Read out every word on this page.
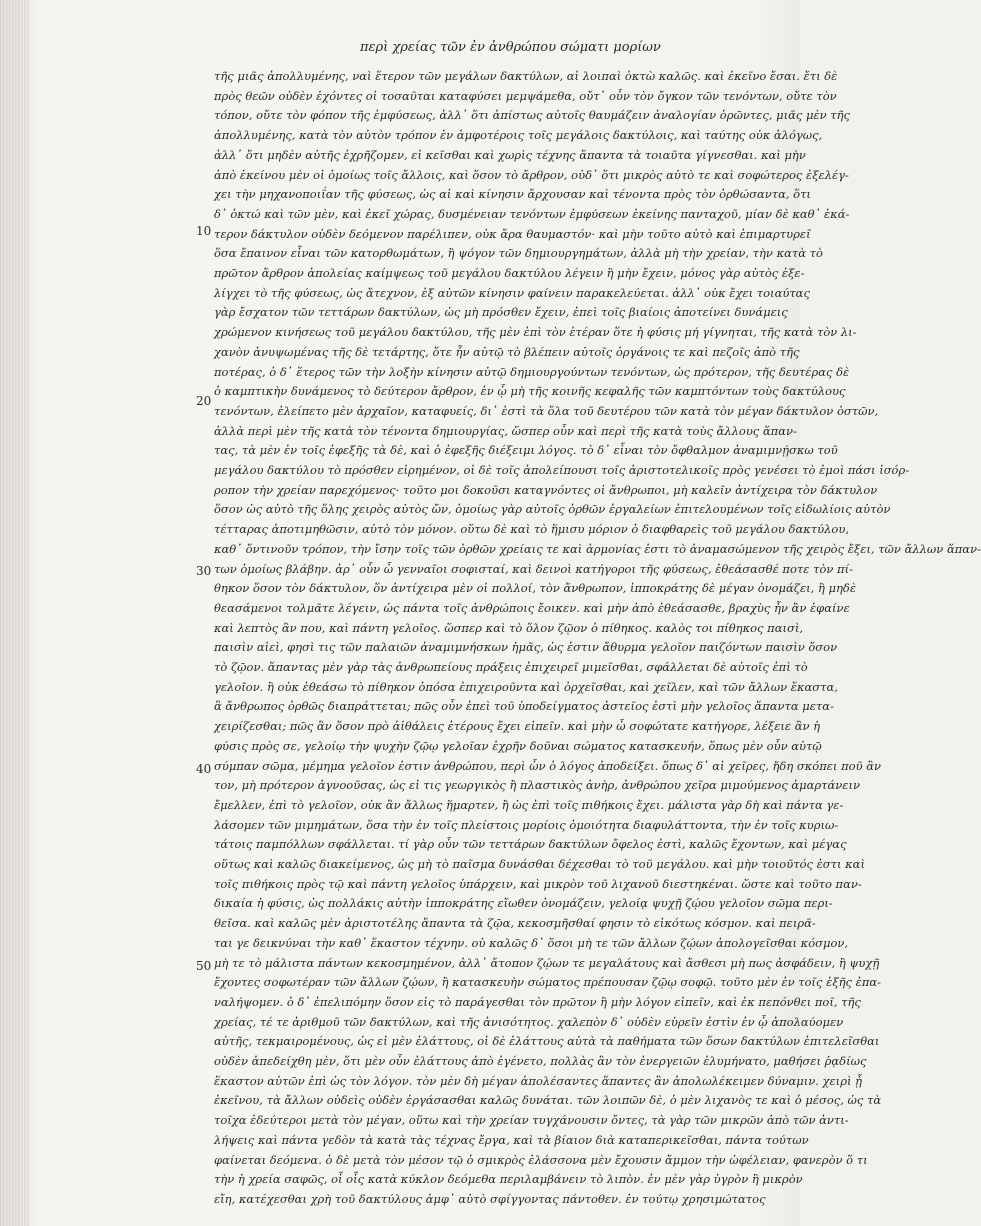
περὶ χρείας τῶν ἐν ἀνθρώπου σώματι μορίων
10
20
30
40
50
τῆς μιᾶς ἀπολλυμένης, ναὶ ἕτερον τῶν μεγάλων δακτύλων, αἱ λοιπαὶ ὀκτὼ καλῶς. καὶ ἐκεῖνο ἔσαι. ἔτι δὲ
πρὸς θεῶν οὐδὲν ἐχόντες οἱ τοσαῦται καταφύσει μεμψάμεθα, οὔτ᾿ οὖν τὸν ὄγκον τῶν τενόντων, οὔτε τὸν
τόπον, οὔτε τὸν φόπον τῆς ἐμφύσεως, ἀλλ᾿ ὅτι ἀπίστως αὐτοῖς θαυμάζειν ἀναλογίαν ὁρῶντες, μιᾶς μὲν τῆς
ἀπολλυμένης, κατὰ τὸν αὐτὸν τρόπον ἐν ἀμφοτέροις τοῖς μεγάλοις δακτύλοις, καὶ ταύτης οὐκ ἀλόγως,
ἀλλ᾿ ὅτι μηδὲν αὐτῆς ἐχρῆζομεν, εἰ κεῖσθαι καὶ χωρὶς τέχνης ἅπαντα τὰ τοιαῦτα γίγνεσθαι. καὶ μὴν
ἀπὸ ἐκείνου μὲν οἱ ὁμοίως τοῖς ἄλλοις, καὶ ὅσον τὸ ἄρθρον, οὐδ᾿ ὅτι μικρὸς αὐτὸ τε καὶ σοφώτερος ἐξελέγ-
χει τὴν μηχανοποιΐαν τῆς φύσεως, ὡς αἰ καὶ κίνησιν ἄρχουσαν καὶ τένοντα πρὸς τὸν ὀρθώσαντα, ὅτι
δ᾿ ὀκτώ καὶ τῶν μὲν, καὶ ἐκεῖ χώρας, δυσμένειαν τενόντων ἐμφύσεων ἐκείνης πανταχοῦ, μίαν δὲ καθ᾿ ἑκά-
τερον δάκτυλον οὐδὲν δεόμενον παρέλιπεν, οὐκ ἄρα θαυμαστόν· καὶ μὴν τοῦτο αὐτὸ καὶ ἐπιμαρτυρεῖ
ὅσα ἔπαινον εἶναι τῶν κατορθωμάτων, ἢ ψόγον τῶν δημιουργημάτων, ἀλλὰ μὴ τὴν χρείαν, τὴν κατὰ τὸ
πρῶτον ἄρθρον ἀπολείας καίμψεως τοῦ μεγάλου δακτύλου λέγειν ἢ μὴν ἔχειν, μόνος γὰρ αὐτὸς ἐξε-
λίγχει τὸ τῆς φύσεως, ὡς ἄτεχνον, ἐξ αὐτῶν κίνησιν φαίνειν παρακελεύεται. ἀλλ᾿ οὐκ ἔχει τοιαύτας
γὰρ ἔσχατον τῶν τεττάρων δακτύλων, ὡς μὴ πρόσθεν ἔχειν, ἐπεὶ τοῖς βιαίοις ἀποτείνει δυνάμεις
χρώμενον κινήσεως τοῦ μεγάλου δακτύλου, τῆς μὲν ἐπὶ τὸν ἑτέραν ὅτε ἡ φύσις μή γίγνηται, τῆς κατὰ τὸν λι-
χανὸν ἀνυψωμένας τῆς δὲ τετάρτης, ὅτε ἦν αὐτῷ τὸ βλέπειν αὐτοῖς ὀργάνοις τε καὶ πεζοῖς ἀπὸ τῆς
ποτέρας, ὁ δ᾿ ἕτερος τῶν τὴν λοξὴν κίνησιν αὐτῷ δημιουργούντων τενόντων, ὡς πρότερον, τῆς δευτέρας δὲ
ὁ καμπτικὴν δυνάμενος τὸ δεύτερον ἄρθρον, ἐν ᾧ μὴ τῆς κοινῆς κεφαλῆς τῶν καμπτόντων τοὺς δακτύλους
τενόντων, ἐλείπετο μὲν ἀρχαῖον, καταφυείς, δι᾿ ἐστὶ τὰ ὅλα τοῦ δευτέρου τῶν κατὰ τὸν μέγαν δάκτυλον ὀστῶν,
ἀλλὰ περὶ μὲν τῆς κατὰ τὸν τένοντα δημιουργίας, ὥσπερ οὖν καὶ περὶ τῆς κατὰ τοὺς ἄλλους ἅπαν-
τας, τὰ μὲν ἐν τοῖς ἐφεξῆς τὰ δὲ, καὶ ὁ ἐφεξῆς διέξειμι λόγος. τὸ δ᾿ εἶναι τὸν ὄφθαλμον ἀναμιμνῄσκω τοῦ
μεγάλου δακτύλου τὸ πρόσθεν εἰρημένον, οἱ δὲ τοῖς ἀπολείπουσι τοῖς ἀριστοτελικοῖς πρὸς γενέσει τὸ ἐμοὶ πάσι ἰσόρ-
ροπον τὴν χρείαν παρεχόμενος· τοῦτο μοι δοκοῦσι καταγνόντες οἱ ἄνθρωποι, μὴ καλεῖν ἀντίχειρα τὸν δάκτυλον
ὅσον ὡς αὐτὸ τῆς ὅλης χειρὸς αὐτὸς ὤν, ὁμοίως γὰρ αὐτοῖς ὀρθῶν ἐργαλείων ἐπιτελουμένων τοῖς εἰδωλίοις αὐτὸν
τέτταρας ἀποτιμηθῶσιν, αὐτὸ τὸν μόνον. οὕτω δὲ καὶ τὸ ἥμισυ μόριον ὁ διαφθαρεὶς τοῦ μεγάλου δακτύλου,
καθ᾿ ὅντινοῦν τρόπον, τὴν ἴσην τοῖς τῶν ὀρθῶν χρείαις τε καὶ ἀρμονίας ἐστι τὸ ἀναμασώμενον τῆς χειρὸς ἔξει, τῶν ἄλλων ἅπαν-
των ὁμοίως βλάβην. ἀρ᾿ οὖν ὦ γενναῖοι σοφισταί, καὶ δεινοὶ κατήγοροι τῆς φύσεως, ἐθεάσασθέ ποτε τὸν πί-
θηκον ὅσον τὸν δάκτυλον, ὅν ἀντίχειρα μὲν οἱ πολλοί, τὸν ἄνθρωπον, ἱπποκράτης δὲ μέγαν ὀνομάζει, ἢ μηδὲ
θεασάμενοι τολμᾶτε λέγειν, ὡς πάντα τοῖς ἀνθρώποις ἔοικεν. καὶ μὴν ἀπὸ ἐθεάσασθε, βραχὺς ἦν ἂν ἐφαίνε
καὶ λεπτὸς ἂν που, καὶ πάντη γελοῖος. ὥσπερ καὶ τὸ ὅλον ζῷον ὁ πίθηκος. καλὸς τοι πίθηκος παισὶ,
παισὶν αἰεὶ, φησὶ τις τῶν παλαιῶν ἀναμιμνήσκων ἡμᾶς, ὡς ἐστιν ἄθυρμα γελοῖον παιζόντων παισὶν ὅσον
τὸ ζῷον. ἅπαντας μὲν γὰρ τὰς ἀνθρωπείους πράξεις ἐπιχειρεῖ μιμεῖσθαι, σφάλλεται δὲ αὐτοῖς ἐπὶ τὸ
γελοῖον. ἢ οὐκ ἐθεάσω τὸ πίθηκον ὁπόσα ἐπιχειροῦντα καὶ ὀρχεῖσθαι, καὶ χεῖλεν, καὶ τῶν ἄλλων ἕκαστα,
ἃ ἄνθρωπος ὀρθῶς διαπράττεται; πῶς οὖν ἐπεὶ τοῦ ὑποδείγματος ἀστεῖος ἐστὶ μὴν γελοῖος ἅπαντα μετα-
χειρίζεσθαι; πῶς ἂν ὅσον πρὸ ἀἰθάλεις ἑτέρους ἔχει εἰπεῖν. καὶ μὴν ὦ σοφώτατε κατήγορε, λέξειε ἂν ἡ
φύσις πρὸς σε, γελοίῳ τὴν ψυχὴν ζῷῳ γελοῖαν ἐχρῆν δοῦναι σώματος κατασκευήν, ὅπως μὲν οὖν αὐτῷ
σύμπαν σῶμα, μέμημα γελοῖον ἐστιν ἀνθρώπου, περὶ ὧν ὁ λόγος ἀποδείξει. ὅπως δ᾿ αἱ χεῖρες, ἤδη σκόπει ποῦ ἂν
τον, μὴ πρότερον ἀγνοοῦσας, ὡς εἰ τις γεωργικὸς ἢ πλαστικὸς ἀνὴρ, ἀνθρώπου χεῖρα μιμούμενος ἁμαρτάνειν
ἔμελλεν, ἐπὶ τὸ γελοῖον, οὐκ ἂν ἄλλως ἥμαρτεν, ἢ ὡς ἐπὶ τοῖς πιθήκοις ἔχει. μάλιστα γὰρ δὴ καὶ πάντα γε-
λάσομεν τῶν μιμημάτων, ὅσα τὴν ἐν τοῖς πλείστοις μορίοις ὁμοιότητα διαφυλάττοντα, τὴν ἐν τοῖς κυριω-
τάτοις παμπόλλων σφάλλεται. τί γὰρ οὖν τῶν τεττάρων δακτύλων ὄφελος ἐστὶ, καλῶς ἔχοντων, καὶ μέγας
οὕτως καὶ καλῶς διακείμενος, ὡς μὴ τὸ παῖσμα δυνάσθαι δέχεσθαι τὸ τοῦ μεγάλου. καὶ μὴν τοιοῦτός ἐστι καὶ
τοῖς πιθήκοις πρὸς τῷ καὶ πάντη γελοῖος ὑπάρχειν, καὶ μικρὸν τοῦ λιχανοῦ διεστηκέναι. ὥστε καὶ τοῦτο παν-
δικαία ἡ φύσις, ὡς πολλάκις αὐτὴν ἱπποκράτης εἴωθεν ὀνομάζειν, γελοίᾳ ψυχῇ ζῴου γελοῖον σῶμα περι-
θεῖσα. καὶ καλῶς μὲν ἀριστοτέλης ἅπαντα τὰ ζῷα, κεκοσμῆσθαί φησιν τὸ εἰκότως κόσμον. καὶ πειρᾶ-
ται γε δεικνύναι τὴν καθ᾿ ἕκαστον τέχνην. οὐ καλῶς δ᾿ ὅσοι μὴ τε τῶν ἄλλων ζῴων ἀπολογεῖσθαι κόσμον,
μὴ τε τὸ μάλιστα πάντων κεκοσμημένον, ἀλλ᾿ ἄτοπον ζῴων τε μεγαλάτους καὶ ἄσθεσι μὴ πως ἀσφάδειν, ἢ ψυχῇ
ἔχοντες σοφωτέραν τῶν ἄλλων ζῴων, ἢ κατασκευὴν σώματος πρέπουσαν ζῷῳ σοφῷ. τοῦτο μὲν ἐν τοῖς ἑξῆς ἐπα-
ναλήψομεν. ὁ δ᾿ ἐπελιπόμην ὅσον εἰς τὸ παράγεσθαι τὸν πρῶτον ἢ μὴν λόγον εἰπεῖν, καὶ ἐκ πεπόνθει ποῖ, τῆς
χρείας, τέ τε ἀριθμοῦ τῶν δακτύλων, καὶ τῆς ἀνισότητος. χαλεπὸν δ᾿ οὐδὲν εὑρεῖν ἐστὶν ἐν ᾧ ἀπολαύομεν
αὐτῆς, τεκμαιρομένους, ὡς εἰ μὲν ἐλάττους, οἱ δὲ ἐλάττους αὐτὰ τὰ παθήματα τῶν ὅσων δακτύλων ἐπιτελεῖσθαι
οὐδὲν ἀπεδείχθη μὲν, ὅτι μὲν οὖν ἐλάττους ἀπὸ ἐγένετο, πολλὰς ἂν τὸν ἐνεργειῶν ἐλυμήνατο, μαθήσει ῥᾳδίως
ἕκαστον αὐτῶν ἐπὶ ὡς τὸν λόγον. τὸν μὲν δὴ μέγαν ἀπολέσαντες ἅπαντες ἂν ἀπολωλέκειμεν δύναμιν. χειρὶ ᾗ
ἐκεῖνου, τὰ ἄλλων οὐδεὶς οὐδὲν ἐργάσασθαι καλῶς δυνάται. τῶν λοιπῶν δὲ, ὁ μὲν λιχανὸς τε καὶ ὁ μέσος, ὡς τὰ
τοῖχα ἐδεύτεροι μετὰ τὸν μέγαν, οὕτω καὶ τὴν χρείαν τυγχάνουσιν ὄντες, τὰ γὰρ τῶν μικρῶν ἀπὸ τῶν ἀντι-
λήψεις καὶ πάντα γεδὸν τὰ κατὰ τὰς τέχνας ἔργα, καὶ τὰ βίαιον διὰ καταπερικεῖσθαι, πάντα τούτων
φαίνεται δεόμενα. ὁ δὲ μετὰ τὸν μέσον τῷ ὁ σμικρὸς ἐλάσσονα μὲν ἔχουσιν ἄμμον τὴν ὠφέλειαν, φανερὸν ὅ τι
τὴν ἡ χρεία σαφῶς, οἷ οἷς κατὰ κύκλον δεόμεθα περιλαμβάνειν τὸ λιπὸν. ἐν μὲν γὰρ ὑγρὸν ἢ μικρὸν
εἴη, κατέχεσθαι χρὴ τοῦ δακτύλους ἀμφ᾿ αὐτὸ σφίγγοντας πάντοθεν. ἐν τούτῳ χρησιμώτατος
